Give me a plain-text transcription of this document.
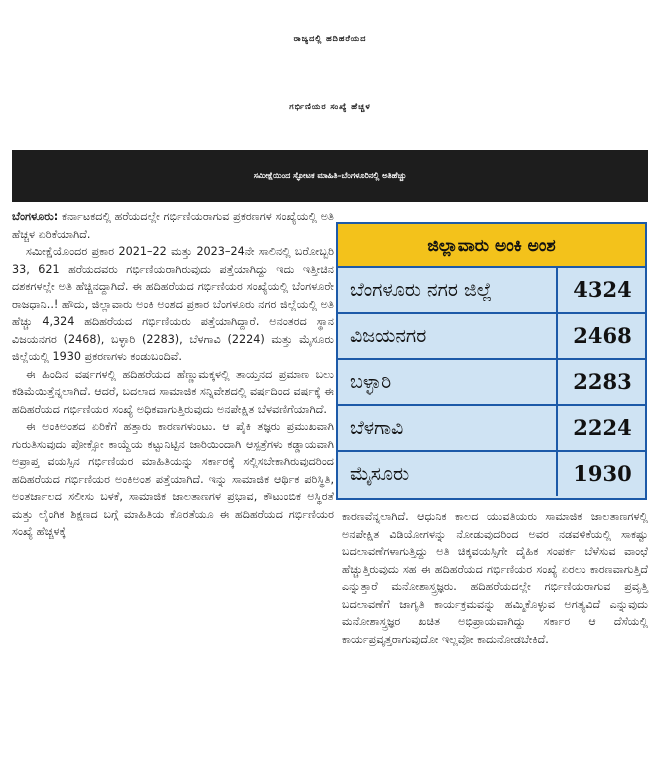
ರಾಜ್ಯದಲ್ಲಿ ಹದಿಹರೆಯದ
ಗರ್ಭಿಣಿಯರ ಸಂಖ್ಯೆ ಹೆಚ್ಚಳ
ಸಮೀಕ್ಷೆಯಿಂದ ಸ್ಫೋಟಕ ಮಾಹಿತಿ–ಬೆಂಗಳೂರಿನಲ್ಲಿ ಅತಿಹೆಚ್ಚು

ಬೆಂಗಳೂರು: ಕರ್ನಾಟಕದಲ್ಲಿ ಹರೆಯದಲ್ಲೇ ಗರ್ಭಿಣಿಯರಾಗುವ ಪ್ರಕರಣಗಳ ಸಂಖ್ಯೆಯಲ್ಲಿ ಅತಿ ಹೆಚ್ಚಳ ಏರಿಕೆಯಾಗಿದೆ.

ಸಮೀಕ್ಷೆಯೊಂದರ ಪ್ರಕಾರ 2021–22 ಮತ್ತು 2023–24ನೇ ಸಾಲಿನಲ್ಲಿ ಬರೋಬ್ಬರಿ 33, 621 ಹರೆಯದವರು ಗರ್ಭಿಣಿಯರಾಗಿರುವುದು ಪತ್ತೆಯಾಗಿದ್ದು ಇದು ಇತ್ತೀಚಿನ ದಶಕಗಳಲ್ಲೇ ಅತಿ ಹೆಚ್ಚಿನದ್ದಾಗಿದೆ. ಈ ಹದಿಹರೆಯದ ಗರ್ಭಿಣಿಯರ ಸಂಖ್ಯೆಯಲ್ಲಿ ಬೆಂಗಳೂರೇ ರಾಜಧಾನಿ..! ಹೌದು, ಜಿಲ್ಲಾವಾರು ಅಂಕಿ ಅಂಶದ ಪ್ರಕಾರ ಬೆಂಗಳೂರು ನಗರ ಜಿಲ್ಲೆಯಲ್ಲಿ ಅತಿ ಹೆಚ್ಚು 4,324 ಹದಿಹರೆಯದ ಗರ್ಭಿಣಿಯರು ಪತ್ತೆಯಾಗಿದ್ದಾರೆ. ಅನಂತರದ ಸ್ಥಾನ ವಿಜಯನಗರ (2468), ಬಳ್ಳಾರಿ (2283), ಬೆಳಗಾವಿ (2224) ಮತ್ತು ಮೈಸೂರು ಜಿಲ್ಲೆಯಲ್ಲಿ 1930 ಪ್ರಕರಣಗಳು ಕಂಡುಬಂದಿವೆ.

ಈ ಹಿಂದಿನ ವರ್ಷಗಳಲ್ಲಿ ಹದಿಹರೆಯದ ಹೆಣ್ಣುಮಕ್ಕಳಲ್ಲಿ ತಾಯ್ತನದ ಪ್ರಮಾಣ ಬಲು ಕಡಿಮೆಯಿತ್ತೆನ್ನಲಾಗಿದೆ. ಆದರೆ, ಬದಲಾದ ಸಾಮಾಜಿಕ ಸನ್ನಿವೇಶದಲ್ಲಿ ವರ್ಷದಿಂದ ವರ್ಷಕ್ಕೆ ಈ ಹದಿಹರೆಯದ ಗರ್ಭಿಣಿಯರ ಸಂಖ್ಯೆ ಅಧಿಕವಾಗುತ್ತಿರುವುದು ಅನಪೇಕ್ಷಿತ ಬೆಳವಣಿಗೆಯಾಗಿದೆ.

ಈ ಅಂಕಿಅಂಶದ ಏರಿಕೆಗೆ ಹತ್ತಾರು ಕಾರಣಗಳುಂಟು. ಆ ಪೈಕಿ ತಜ್ಞರು ಪ್ರಮುಖವಾಗಿ ಗುರುತಿಸುವುದು ಪೋಕ್ಸೋ ಕಾಯ್ದೆಯ ಕಟ್ಟುನಿಟ್ಟಿನ ಜಾರಿಯಿಂದಾಗಿ ಆಸ್ಪತ್ರೆಗಳು ಕಡ್ಡಾಯವಾಗಿ ಅಪ್ರಾಪ್ತ ವಯಸ್ಸಿನ ಗರ್ಭಿಣಿಯರ ಮಾಹಿತಿಯನ್ನು ಸರ್ಕಾರಕ್ಕೆ ಸಲ್ಲಿಸಬೇಕಾಗಿರುವುದರಿಂದ ಹದಿಹರೆಯದ ಗರ್ಭಿಣಿಯರ ಅಂಕಿಅಂಶ ಪತ್ತೆಯಾಗಿದೆ. ಇನ್ನು ಸಾಮಾಜಿಕ ಆರ್ಥಿಕ ಪರಿಸ್ಥಿತಿ, ಅಂತರ್ಜಾಲದ ಸಲೀಸು ಬಳಕೆ, ಸಾಮಾಜಿಕ ಜಾಲತಾಣಗಳ ಪ್ರಭಾವ, ಕೌಟುಂಬಿಕ ಅಸ್ಥಿರತೆ ಮತ್ತು ಲೈಂಗಿಕ ಶಿಕ್ಷಣದ ಬಗ್ಗೆ ಮಾಹಿತಿಯ ಕೊರತೆಯೂ ಈ ಹದಿಹರೆಯದ ಗರ್ಭಿಣಿಯರ ಸಂಖ್ಯೆ ಹೆಚ್ಚಳಕ್ಕೆ

ಜಿಲ್ಲಾವಾರು ಅಂಕಿ ಅಂಶ
ಬೆಂಗಳೂರು ನಗರ ಜಿಲ್ಲೆ	4324
ವಿಜಯನಗರ	2468
ಬಳ್ಳಾರಿ	2283
ಬೆಳಗಾವಿ	2224
ಮೈಸೂರು	1930

ಕಾರಣವೆನ್ನಲಾಗಿದೆ. ಆಧುನಿಕ ಕಾಲದ ಯುವತಿಯರು ಸಾಮಾಜಿಕ ಜಾಲತಾಣಗಳಲ್ಲಿ ಅನಪೇಕ್ಷಿತ ವಿಡಿಯೋಗಳನ್ನು ನೋಡುವುದರಿಂದ ಅವರ ನಡವಳಿಕೆಯಲ್ಲಿ ಸಾಕಷ್ಟು ಬದಲಾವಣೆಗಳಾಗುತ್ತಿದ್ದು ಅತಿ ಚಿಕ್ಕವಯಸ್ಸಿಗೇ ದೈಹಿಕ ಸಂಪರ್ಕ ಬೆಳೆಸುವ ವಾಂಛೆ ಹೆಚ್ಚುತ್ತಿರುವುದು ಸಹ ಈ ಹದಿಹರೆಯದ ಗರ್ಭಿಣಿಯರ ಸಂಖ್ಯೆ ಏರಲು ಕಾರಣವಾಗುತ್ತಿದೆ ಎನ್ನುತ್ತಾರೆ ಮನೋಶಾಸ್ತ್ರಜ್ಞರು. ಹದಿಹರೆಯದಲ್ಲೇ ಗರ್ಭಿಣಿಯರಾಗುವ ಪ್ರವೃತ್ತಿ ಬದಲಾವಣೆಗೆ ಜಾಗೃತಿ ಕಾರ್ಯಕ್ರಮವನ್ನು ಹಮ್ಮಿಕೊಳ್ಳುವ ಅಗತ್ಯವಿದೆ ಎನ್ನುವುದು ಮನೋಶಾಸ್ತ್ರಜ್ಞರ ಖಚಿತ ಅಭಿಪ್ರಾಯವಾಗಿದ್ದು ಸರ್ಕಾರ ಆ ದೆಸೆಯಲ್ಲಿ ಕಾರ್ಯಪ್ರವೃತ್ತರಾಗುವುದೋ ಇಲ್ಲವೋ ಕಾದುನೋಡಬೇಕಿದೆ.
